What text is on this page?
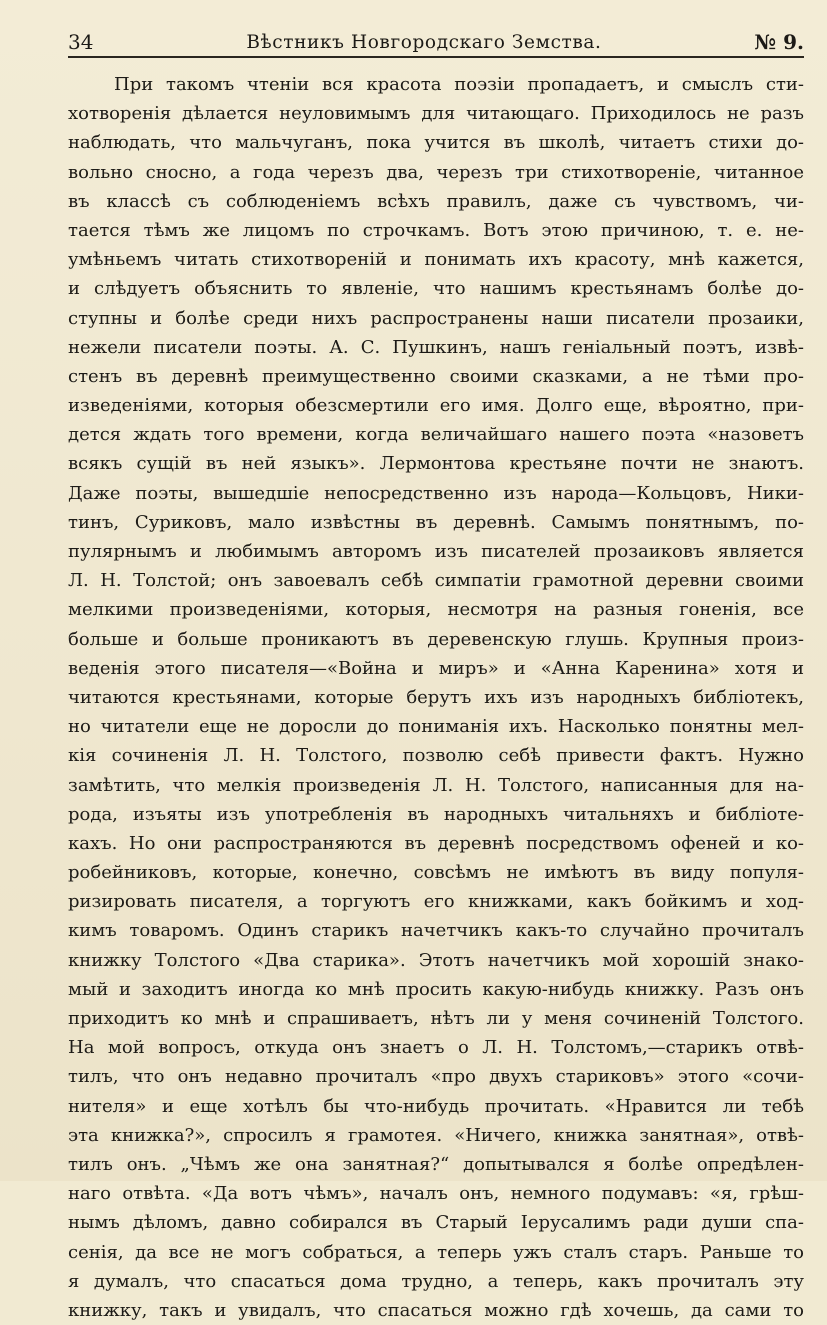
34	Вѣстникъ Новгородскаго Земства.	№ 9.
При такомъ чтеніи вся красота поэзіи пропадаетъ, и смыслъ сти-
хотворенія дѣлается неуловимымъ для читающаго. Приходилось не разъ
наблюдать, что мальчуганъ, пока учится въ школѣ, читаетъ стихи до-
вольно сносно, а года черезъ два, черезъ три стихотвореніе, читанное
въ классѣ съ соблюденіемъ всѣхъ правилъ, даже съ чувствомъ, чи-
тается тѣмъ же лицомъ по строчкамъ. Вотъ этою причиною, т. е. не-
умѣньемъ читать стихотвореній и понимать ихъ красоту, мнѣ кажется,
и слѣдуетъ объяснить то явленіе, что нашимъ крестьянамъ болѣе до-
ступны и болѣе среди нихъ распространены наши писатели прозаики,
нежели писатели поэты. А. С. Пушкинъ, нашъ геніальный поэтъ, извѣ-
стенъ въ деревнѣ преимущественно своими сказками, а не тѣми про-
изведеніями, которыя обезсмертили его имя. Долго еще, вѣроятно, при-
дется ждать того времени, когда величайшаго нашего поэта «назоветъ
всякъ сущій въ ней языкъ». Лермонтова крестьяне почти не знаютъ.
Даже поэты, вышедшіе непосредственно изъ народа—Кольцовъ, Ники-
тинъ, Суриковъ, мало извѣстны въ деревнѣ. Самымъ понятнымъ, по-
пулярнымъ и любимымъ авторомъ изъ писателей прозаиковъ является
Л. Н. Толстой; онъ завоевалъ себѣ симпатіи грамотной деревни своими
мелкими произведеніями, которыя, несмотря на разныя гоненія, все
больше и больше проникаютъ въ деревенскую глушь. Крупныя произ-
веденія этого писателя—«Война и миръ» и «Анна Каренина» хотя и
читаются крестьянами, которые берутъ ихъ изъ народныхъ библіотекъ,
но читатели еще не доросли до пониманія ихъ. Насколько понятны мел-
кія сочиненія Л. Н. Толстого, позволю себѣ привести фактъ. Нужно
замѣтить, что мелкія произведенія Л. Н. Толстого, написанныя для на-
рода, изъяты изъ употребленія въ народныхъ читальняхъ и библіоте-
кахъ. Но они распространяются въ деревнѣ посредствомъ офеней и ко-
робейниковъ, которые, конечно, совсѣмъ не имѣютъ въ виду популя-
ризировать писателя, а торгуютъ его книжками, какъ бойкимъ и ход-
кимъ товаромъ. Одинъ старикъ начетчикъ какъ-то случайно прочиталъ
книжку Толстого «Два старика». Этотъ начетчикъ мой хорошій знако-
мый и заходитъ иногда ко мнѣ просить какую-нибудь книжку. Разъ онъ
приходитъ ко мнѣ и спрашиваетъ, нѣтъ ли у меня сочиненій Толстого.
На мой вопросъ, откуда онъ знаетъ о Л. Н. Толстомъ,—старикъ отвѣ-
тилъ, что онъ недавно прочиталъ «про двухъ стариковъ» этого «сочи-
нителя» и еще хотѣлъ бы что-нибудь прочитать. «Нравится ли тебѣ
эта книжка?», спросилъ я грамотея. «Ничего, книжка занятная», отвѣ-
тилъ онъ. „Чѣмъ же она занятная?“ допытывался я болѣе опредѣлен-
наго отвѣта. «Да вотъ чѣмъ», началъ онъ, немного подумавъ: «я, грѣш-
нымъ дѣломъ, давно собирался въ Старый Іерусалимъ ради души спа-
сенія, да все не могъ собраться, а теперь ужъ сталъ старъ. Раньше то
я думалъ, что спасаться дома трудно, а теперь, какъ прочиталъ эту
книжку, такъ и увидалъ, что спасаться можно гдѣ хочешь, да сами то
